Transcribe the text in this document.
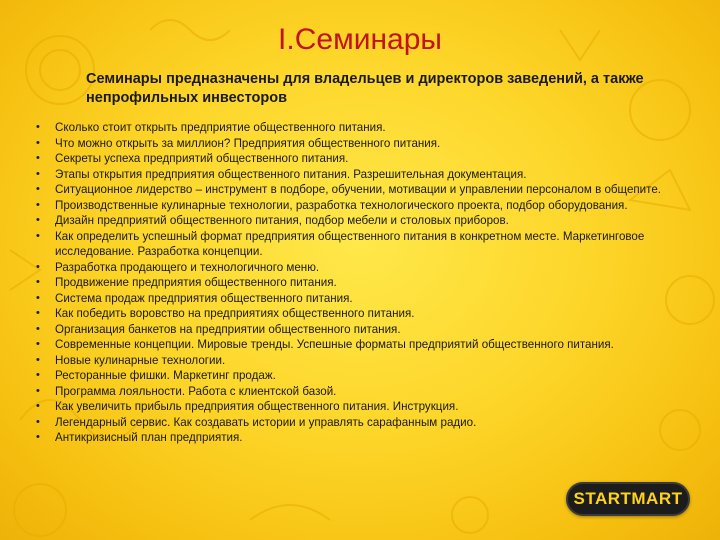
I.Семинары
Семинары предназначены для владельцев и директоров заведений, а также непрофильных инвесторов
• Сколько стоит открыть предприятие общественного питания.
• Что можно открыть за миллион? Предприятия общественного питания.
• Секреты успеха предприятий общественного питания.
• Этапы открытия предприятия общественного питания. Разрешительная документация.
• Ситуационное лидерство – инструмент в подборе, обучении, мотивации и управлении персоналом в общепите.
• Производственные кулинарные технологии, разработка технологического проекта, подбор оборудования.
• Дизайн предприятий общественного питания, подбор мебели и столовых приборов.
• Как определить успешный формат предприятия общественного питания в конкретном месте. Маркетинговое исследование. Разработка концепции.
• Разработка продающего и технологичного меню.
• Продвижение предприятия общественного питания.
• Система продаж предприятия общественного питания.
• Как победить воровство на предприятиях общественного питания.
• Организация банкетов на предприятии общественного питания.
• Современные концепции. Мировые тренды. Успешные форматы предприятий общественного питания.
• Новые кулинарные технологии.
• Ресторанные фишки. Маркетинг продаж.
• Программа лояльности. Работа с клиентской базой.
• Как увеличить прибыль предприятия общественного питания. Инструкция.
• Легендарный сервис. Как создавать истории и управлять сарафанным радио.
• Антикризисный план предприятия.
STARTMART
